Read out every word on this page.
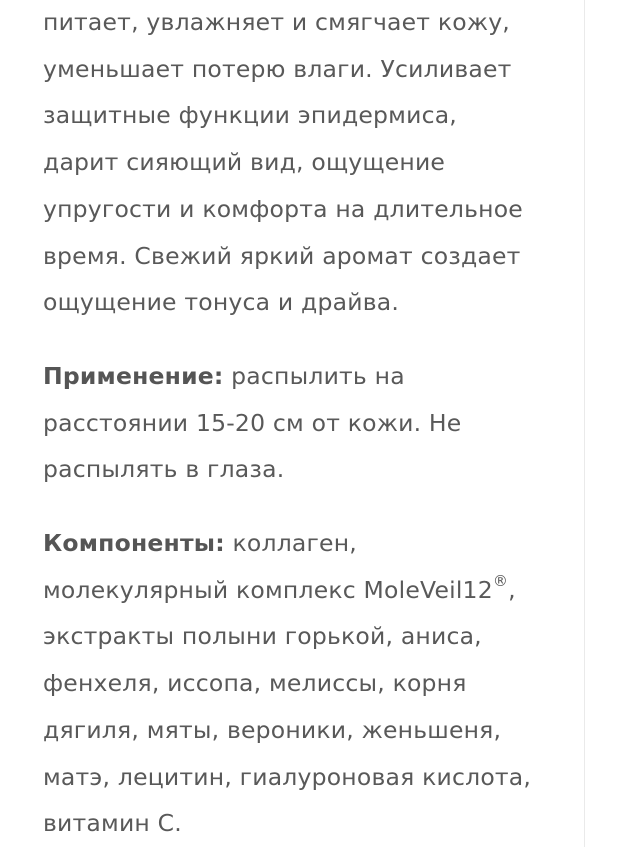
питает, увлажняет и смягчает кожу,
уменьшает потерю влаги. Усиливает
защитные функции эпидермиса,
дарит сияющий вид, ощущение
упругости и комфорта на длительное
время. Свежий яркий аромат создает
ощущение тонуса и драйва.
Применение: распылить на
расстоянии 15-20 см от кожи. Не
распылять в глаза.
Компоненты: коллаген,
молекулярный комплекс MoleVeil12®,
экстракты полыни горькой, аниса,
фенхеля, иссопа, мелиссы, корня
дягиля, мяты, вероники, женьшеня,
матэ, лецитин, гиалуроновая кислота,
витамин С.
